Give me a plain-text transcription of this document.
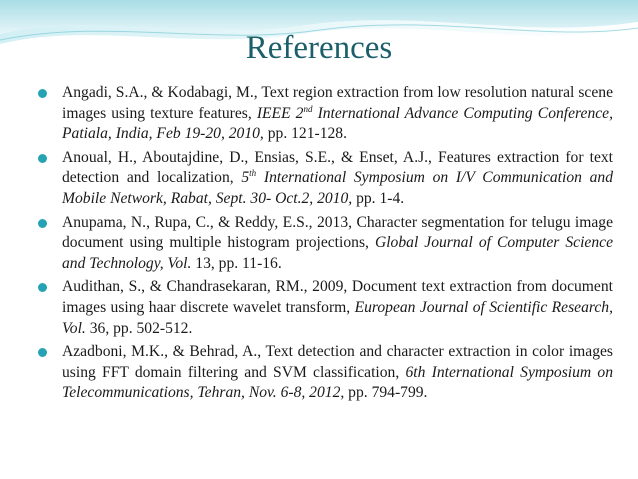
References
Angadi, S.A., & Kodabagi, M., Text region extraction from low resolution natural scene images using texture features, IEEE 2nd International Advance Computing Conference, Patiala, India, Feb 19-20, 2010, pp. 121-128.
Anoual, H., Aboutajdine, D., Ensias, S.E., & Enset, A.J., Features extraction for text detection and localization, 5th International Symposium on I/V Communication and Mobile Network, Rabat, Sept. 30- Oct.2, 2010, pp. 1-4.
Anupama, N., Rupa, C., & Reddy, E.S., 2013, Character segmentation for telugu image document using multiple histogram projections, Global Journal of Computer Science and Technology, Vol. 13, pp. 11-16.
Audithan, S., & Chandrasekaran, RM., 2009, Document text extraction from document images using haar discrete wavelet transform, European Journal of Scientific Research, Vol. 36, pp. 502-512.
Azadboni, M.K., & Behrad, A., Text detection and character extraction in color images using FFT domain filtering and SVM classification, 6th International Symposium on Telecommunications, Tehran, Nov. 6-8, 2012, pp. 794-799.
